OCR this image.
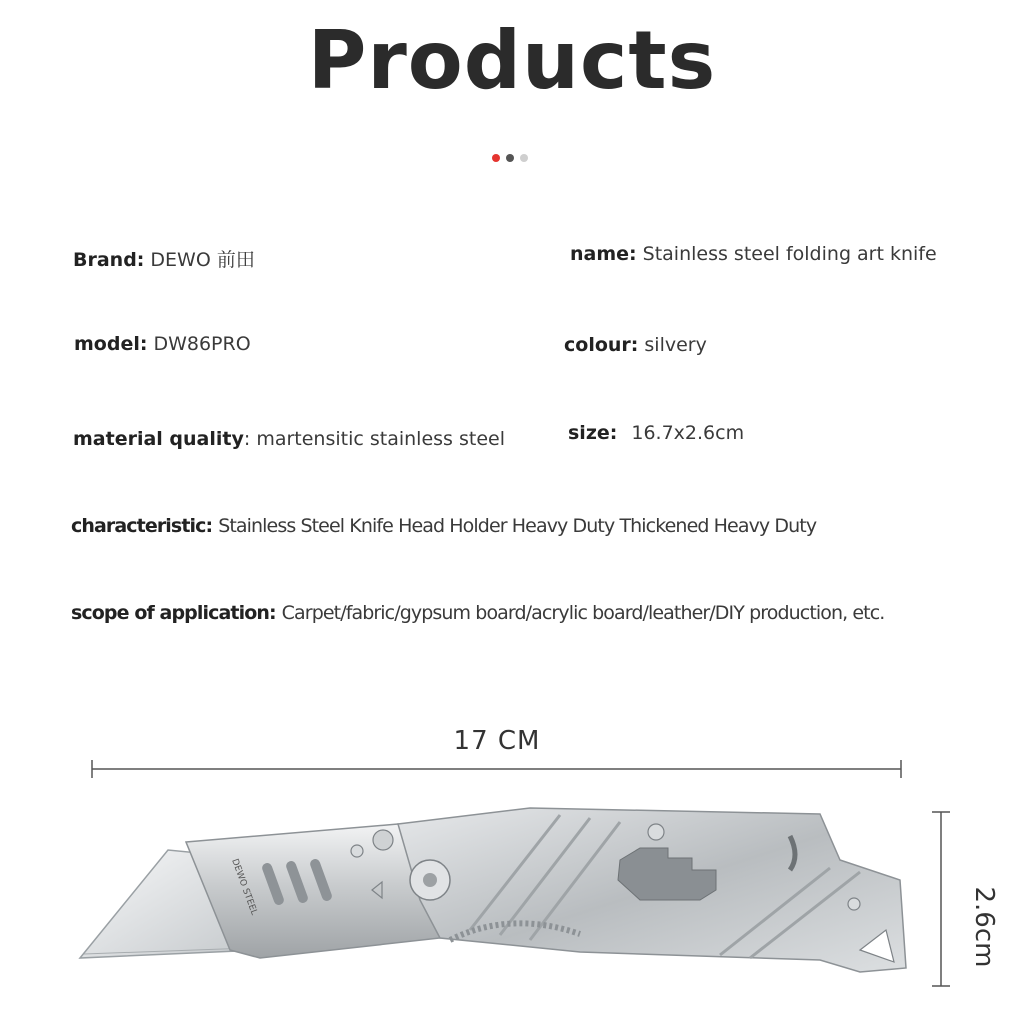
Products
Brand: DEWO 前田	name: Stainless steel folding art knife
model: DW86PRO	colour: silvery
material quality: martensitic stainless steel	size: 16.7x2.6cm
characteristic: Stainless Steel Knife Head Holder Heavy Duty Thickened Heavy Duty
scope of application: Carpet/fabric/gypsum board/acrylic board/leather/DIY production, etc.
17 CM
2.6cm
DEWO STEEL
